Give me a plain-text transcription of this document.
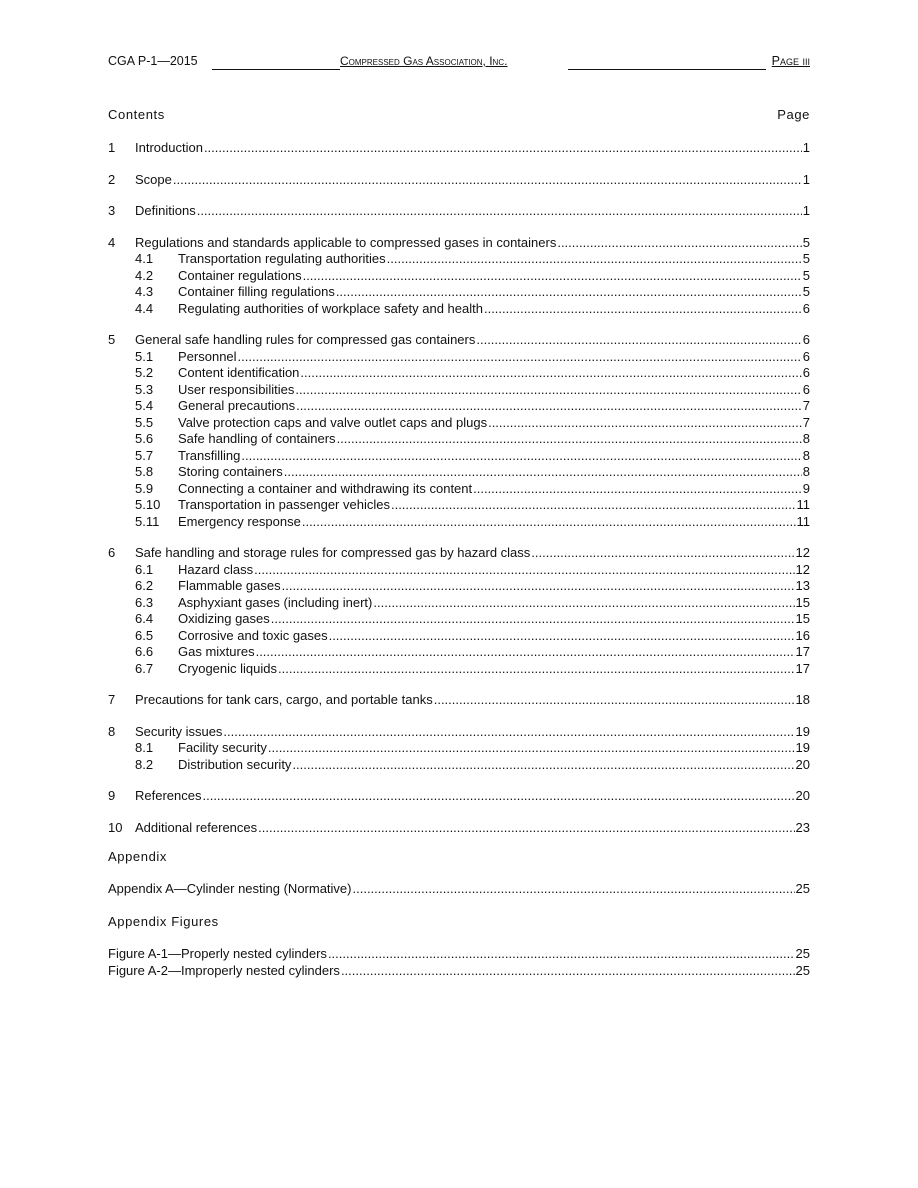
CGA P-1—2015	Compressed Gas Association, Inc.	Page iii
Contents	Page
1	Introduction .....	1
2	Scope .....	1
3	Definitions .....	1
4	Regulations and standards applicable to compressed gases in containers .....	5
4.1	Transportation regulating authorities .....	5
4.2	Container regulations .....	5
4.3	Container filling regulations .....	5
4.4	Regulating authorities of workplace safety and health .....	6
5	General safe handling rules for compressed gas containers .....	6
5.1	Personnel .....	6
5.2	Content identification .....	6
5.3	User responsibilities .....	6
5.4	General precautions .....	7
5.5	Valve protection caps and valve outlet caps and plugs .....	7
5.6	Safe handling of containers .....	8
5.7	Transfilling .....	8
5.8	Storing containers .....	8
5.9	Connecting a container and withdrawing its content .....	9
5.10	Transportation in passenger vehicles .....	11
5.11	Emergency response .....	11
6	Safe handling and storage rules for compressed gas by hazard class .....	12
6.1	Hazard class .....	12
6.2	Flammable gases .....	13
6.3	Asphyxiant gases (including inert) .....	15
6.4	Oxidizing gases .....	15
6.5	Corrosive and toxic gases .....	16
6.6	Gas mixtures .....	17
6.7	Cryogenic liquids .....	17
7	Precautions for tank cars, cargo, and portable tanks .....	18
8	Security issues .....	19
8.1	Facility security .....	19
8.2	Distribution security .....	20
9	References .....	20
10 Additional references .....	23
Appendix
Appendix A—Cylinder nesting (Normative) .....	25
Appendix Figures
Figure A-1—Properly nested cylinders .....	25
Figure A-2—Improperly nested cylinders .....	25
